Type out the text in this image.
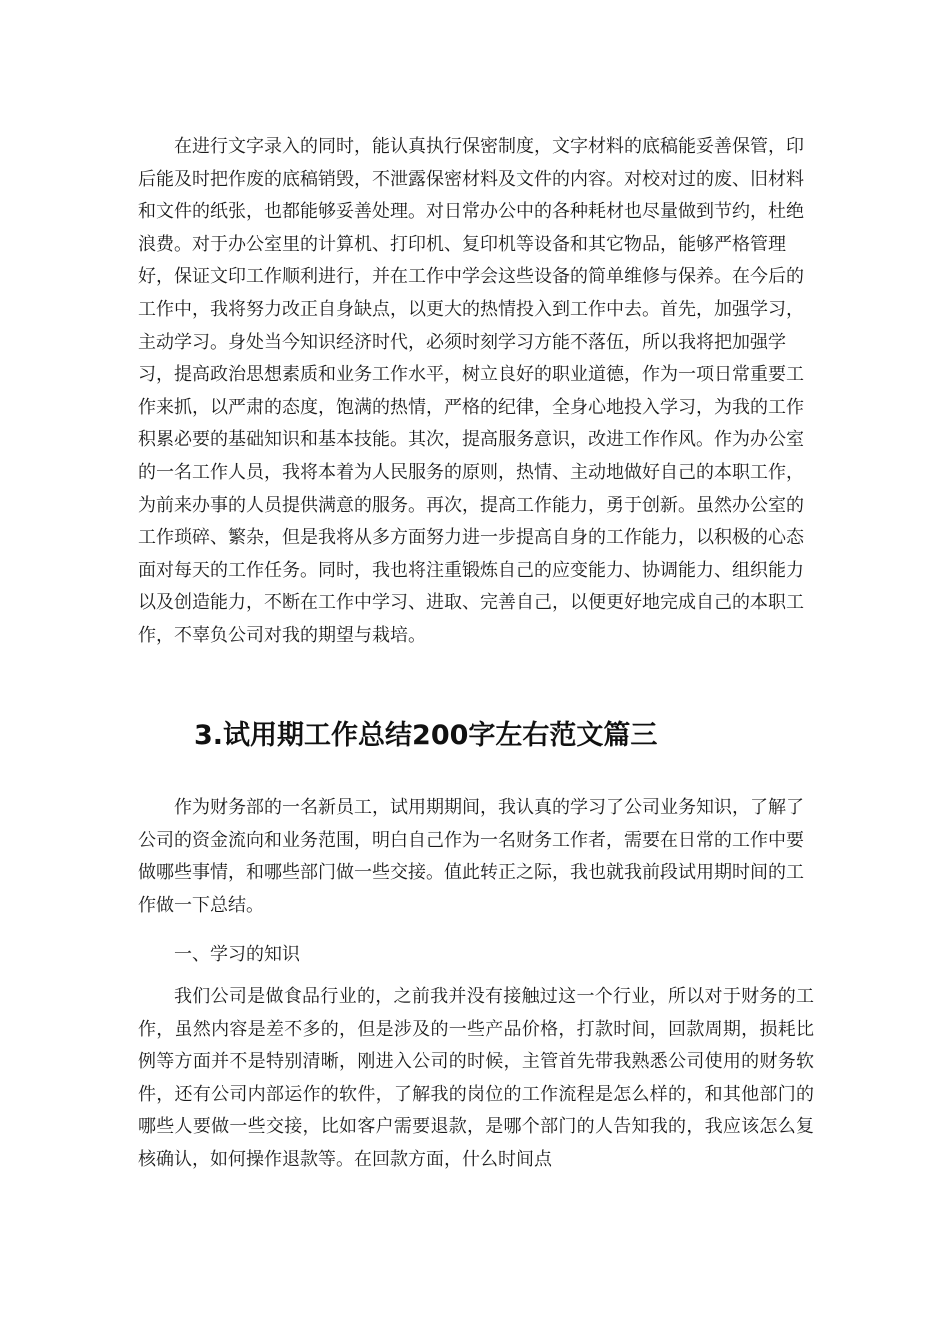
在进行文字录入的同时，能认真执行保密制度，文字材料的底稿能妥善保管，印后能及时把作废的底稿销毁，不泄露保密材料及文件的内容。对校对过的废、旧材料和文件的纸张，也都能够妥善处理。对日常办公中的各种耗材也尽量做到节约，杜绝浪费。对于办公室里的计算机、打印机、复印机等设备和其它物品，能够严格管理好，保证文印工作顺利进行，并在工作中学会这些设备的简单维修与保养。在今后的工作中，我将努力改正自身缺点，以更大的热情投入到工作中去。首先，加强学习，主动学习。身处当今知识经济时代，必须时刻学习方能不落伍，所以我将把加强学习，提高政治思想素质和业务工作水平，树立良好的职业道德，作为一项日常重要工作来抓，以严肃的态度，饱满的热情，严格的纪律，全身心地投入学习，为我的工作积累必要的基础知识和基本技能。其次，提高服务意识，改进工作作风。作为办公室的一名工作人员，我将本着为人民服务的原则，热情、主动地做好自己的本职工作，为前来办事的人员提供满意的服务。再次，提高工作能力，勇于创新。虽然办公室的工作琐碎、繁杂，但是我将从多方面努力进一步提高自身的工作能力，以积极的心态面对每天的工作任务。同时，我也将注重锻炼自己的应变能力、协调能力、组织能力以及创造能力，不断在工作中学习、进取、完善自己，以便更好地完成自己的本职工作，不辜负公司对我的期望与栽培。

3.试用期工作总结200字左右范文篇三

作为财务部的一名新员工，试用期期间，我认真的学习了公司业务知识，了解了公司的资金流向和业务范围，明白自己作为一名财务工作者，需要在日常的工作中要做哪些事情，和哪些部门做一些交接。值此转正之际，我也就我前段试用期时间的工作做一下总结。

一、学习的知识

我们公司是做食品行业的，之前我并没有接触过这一个行业，所以对于财务的工作，虽然内容是差不多的，但是涉及的一些产品价格，打款时间，回款周期，损耗比例等方面并不是特别清晰，刚进入公司的时候，主管首先带我熟悉公司使用的财务软件，还有公司内部运作的软件，了解我的岗位的工作流程是怎么样的，和其他部门的哪些人要做一些交接，比如客户需要退款，是哪个部门的人告知我的，我应该怎么复核确认，如何操作退款等。在回款方面，什么时间点
